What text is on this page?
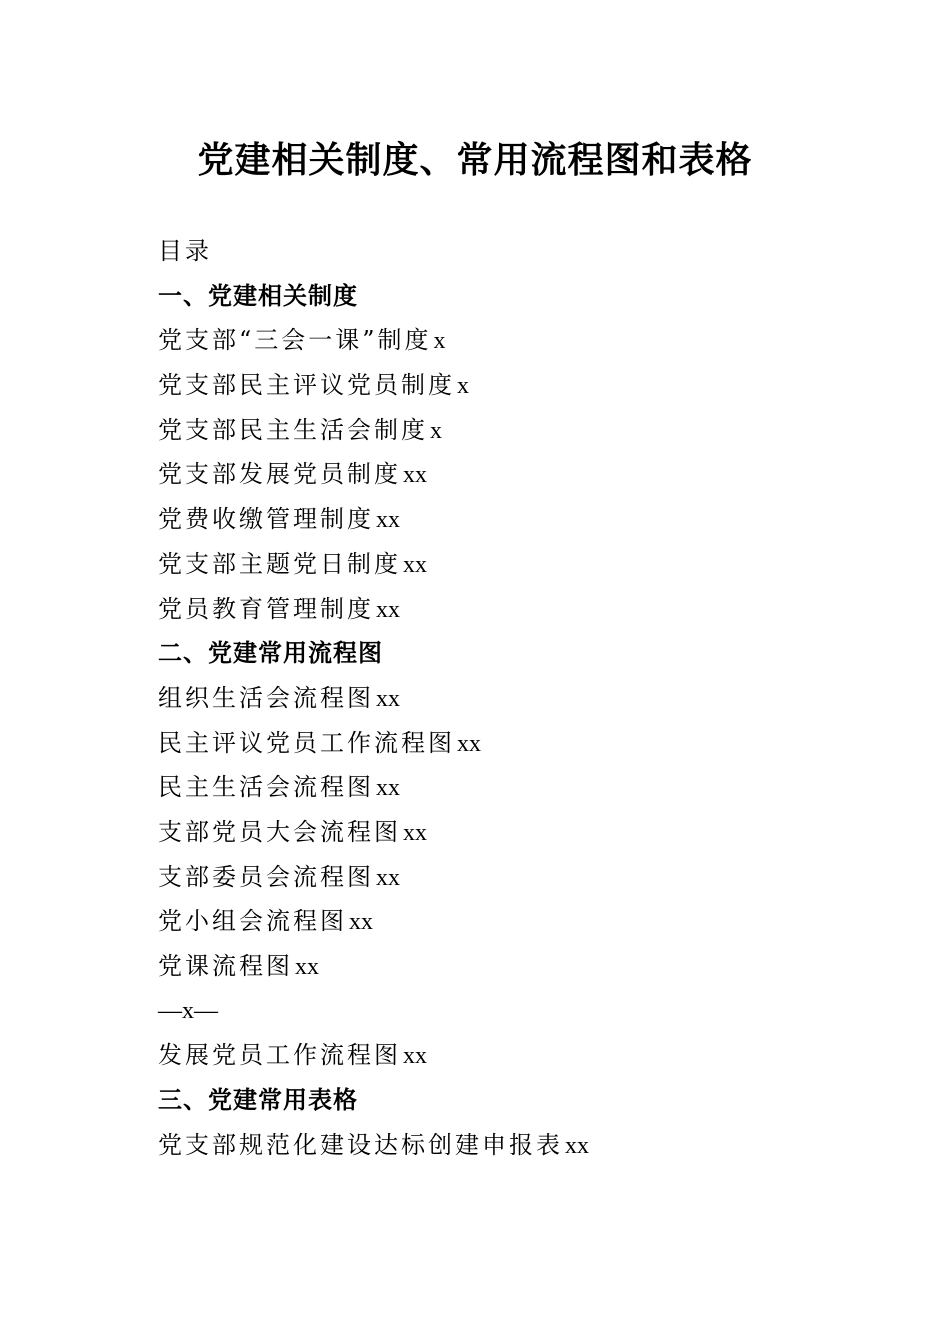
党建相关制度、常用流程图和表格
目录
一、党建相关制度
党支部“三会一课”制度x
党支部民主评议党员制度x
党支部民主生活会制度x
党支部发展党员制度xx
党费收缴管理制度xx
党支部主题党日制度xx
党员教育管理制度xx
二、党建常用流程图
组织生活会流程图xx
民主评议党员工作流程图xx
民主生活会流程图xx
支部党员大会流程图xx
支部委员会流程图xx
党小组会流程图xx
党课流程图xx
—x—
发展党员工作流程图xx
三、党建常用表格
党支部规范化建设达标创建申报表xx
